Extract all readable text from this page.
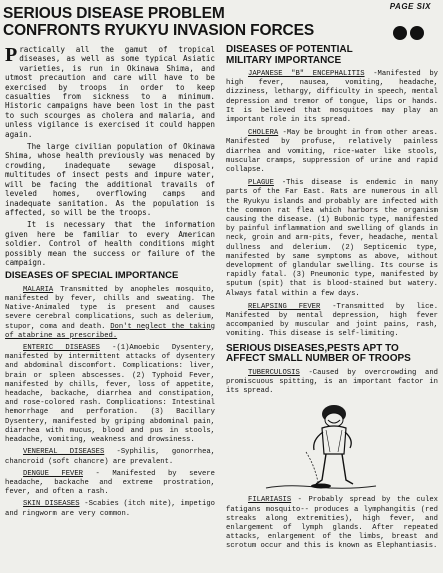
PAGE SIX
SERIOUS DISEASE PROBLEM
CONFRONTS RYUKYU INVASION FORCES

Practically all the gamut of tropical diseases, as well as some typical Asiatic varieties, is run in Okinawa Shima, and utmost precaution and care will have to be exercised by troops in order to keep casualties from sickness to a minimum. Historic campaigns have been lost in the past to such scourges as cholera and malaria, and unless vigilance is exercised it could happen again.

The large civilian population of Okinawa Shima, whose health previously was menaced by crowding, inadequate sewage disposal, multitudes of insect pests and impure water, will be facing the additional travails of leveled homes, overflowing camps and inadequate sanitation. As the population is affected, so will be the troops.

It is necessary that the information given here be familiar to every American soldier. Control of health conditions might possibly mean the success or failure of the campaign.

DISEASES OF SPECIAL IMPORTANCE

MALARIA Transmitted by anopheles mosquito, manifested by fever, chills and sweating. The Native-Animaled type is present and causes severe cerebral complications, such as delerium, stupor, coma and death. Don't neglect the taking of atabrine as prescribed.

ENTERIC DISEASES -(1)Amoebic Dysentery, manifested by intermittent attacks of dysentery and abdominal discomfort. Complications: liver, brain or spleen abscesses. (2) Typhoid Fever, manifested by chills, fever, loss of appetite, headache, backache, diarrhea and constipation, and rose-colored rash. Complications: Intestinal hemorrhage and perforation. (3) Bacillary Dysentery, manifested by griping abdominal pain, diarrhea with mucus, blood and pus in stools, headache, vomiting, weakness and drowsiness.

VENEREAL DISEASES -Syphilis, gonorrhea, chancroid (soft chancre) are prevalent.

DENGUE FEVER - Manifested by severe headache, backache and extreme prostration, fever, and often a rash.

SKIN DISEASES -Scabies (itch mite), impetigo and ringworm are very common.

DISEASES OF POTENTIAL
MILITARY IMPORTANCE

JAPANESE "B" ENCEPHALITIS -Manifested by high fever, nausea, vomiting, headache, dizziness, lethargy, difficulty in speech, mental depression and tremor of tongue, lips or hands. It is believed that mosquitoes may play an important role in its spread.

CHOLERA -May be brought in from other areas. Manifested by profuse, relatively painless diarrhea and vomiting, rice-water like stools, muscular cramps, suppression of urine and rapid collapse.

PLAGUE -This disease is endemic in many parts of the Far East. Rats are numerous in all the Ryukyu islands and probably are infected with the common rat flea which harbors the organism causing the disease. (1) Bubonic type, manifested by painful inflammation and swelling of glands in neck, groin and arm-pits, fever, headache, mental dullness and delerium. (2) Septicemic type, manifested by same symptoms as above, without development of glandular swelling. Its course is rapidly fatal. (3) Pneumonic type, manifested by sputum (spit) that is blood-stained but watery. Always fatal within a few days.

RELAPSING FEVER -Transmitted by lice. Manifested by mental depression, high fever accompanied by muscular and joint pains, rash, vomiting. This disease is self-limiting.

SERIOUS DISEASES,PESTS APT TO
AFFECT SMALL NUMBER OF TROOPS

TUBERCULOSIS -Caused by overcrowding and promiscuous spitting, is an important factor in its spread.

FILARIASIS - Probably spread by the culex fatigans mosquito-- produces a lymphangitis (red streaks along extremities), high fever, and enlargement of lymph glands. After repeated attacks, enlargement of the limbs, breast and scrotum occur and this is known as Elephantiasis.
